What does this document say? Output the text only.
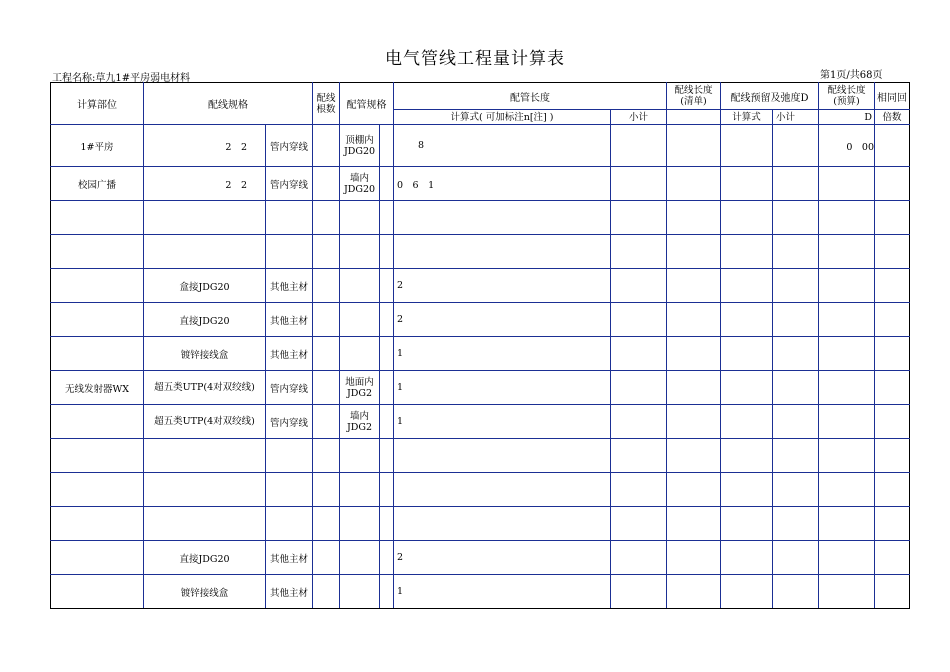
电气管线工程量计算表
工程名称:草九1#平房弱电材料	第1页/共68页
计算部位	配线规格		配线根数	配管规格		配管长度		配线长度(清单)	配线预留及弛度D		配线长度(预算)	相同回
						计算式( 可加标注n[注] )	小计		计算式	小计	D	倍数
1#平房	2　2	管内穿线		顶棚内JDG20		8					0　00	
校园广播	2　2	管内穿线		墙内JDG20		0　6　1						

	盒接JDG20	其他主材				2						
	直接JDG20	其他主材				2						
	镀锌接线盒	其他主材				1						
无线发射器WX	超五类UTP(4对双绞线)	管内穿线		地面内JDG2		1						
	超五类UTP(4对双绞线)	管内穿线		墙内JDG2		1						

	直接JDG20	其他主材				2						
	镀锌接线盒	其他主材				1						
